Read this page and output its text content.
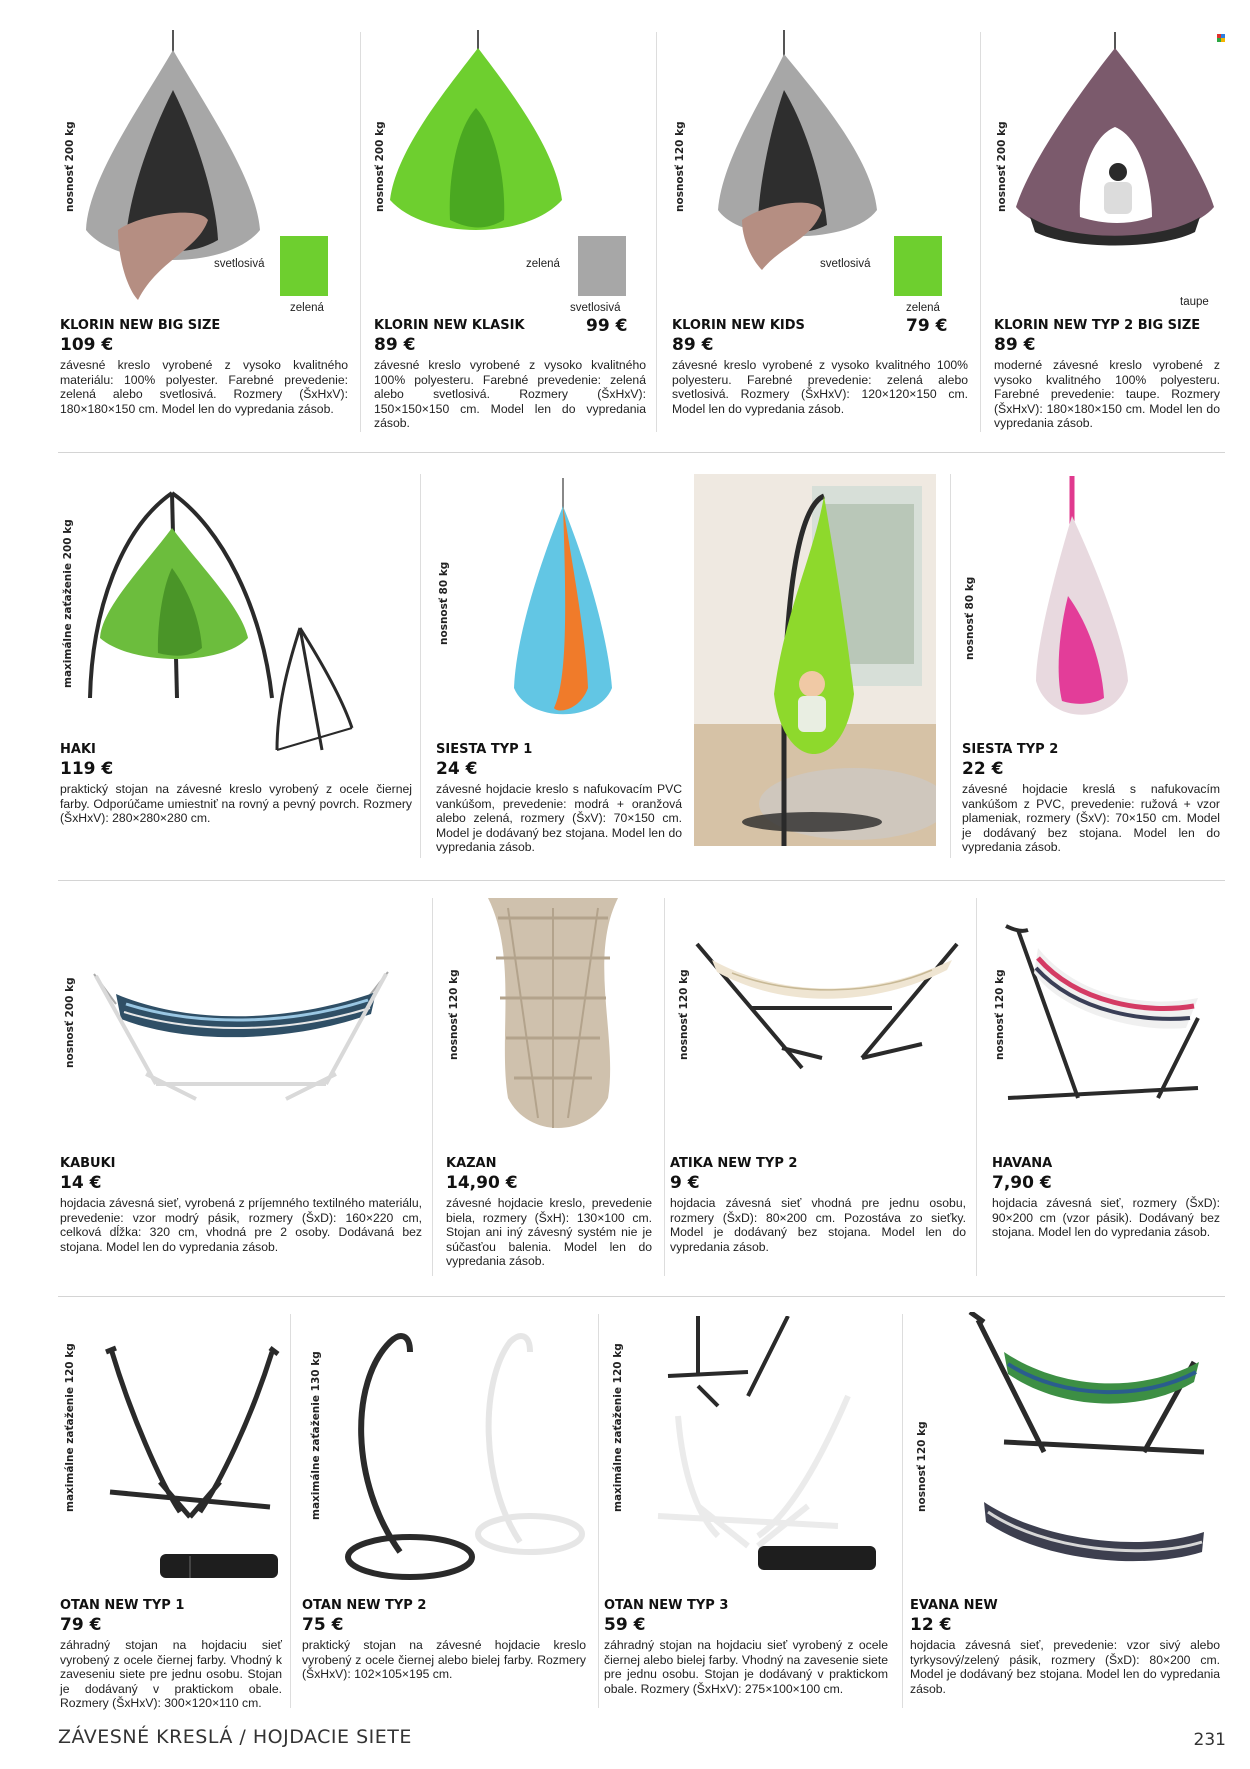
nosnosť 200 kg
svetlosivá
zelená
KLORIN NEW BIG SIZE
109 €
závesné kreslo vyrobené z vysoko kvalitného materiálu: 100% polyester. Farebné prevedenie: zelená alebo svetlosivá. Rozmery (ŠxHxV): 180×180×150 cm. Model len do vypredania zásob.
nosnosť 200 kg
zelená
svetlosivá
99 €
KLORIN NEW KLASIK
89 €
závesné kreslo vyrobené z vysoko kvalitného 100% polyesteru. Farebné prevedenie: zelená alebo svetlosivá. Rozmery (ŠxHxV): 150×150×150 cm. Model len do vypredania zásob.
nosnosť 120 kg
svetlosivá
zelená
79 €
KLORIN NEW KIDS
89 €
závesné kreslo vyrobené z vysoko kvalitného 100% polyesteru. Farebné prevedenie: zelená alebo svetlosivá. Rozmery (ŠxHxV): 120×120×150 cm. Model len do vypredania zásob.
nosnosť 200 kg
taupe
KLORIN NEW TYP 2 BIG SIZE
89 €
moderné závesné kreslo vyrobené z vysoko kvalitného 100% polyesteru. Farebné prevedenie: taupe. Rozmery (ŠxHxV): 180×180×150 cm. Model len do vypredania zásob.
maximálne zaťaženie 200 kg
HAKI
119 €
praktický stojan na závesné kreslo vyrobený z ocele čiernej farby. Odporúčame umiestniť na rovný a pevný povrch. Rozmery (ŠxHxV): 280×280×280 cm.
nosnosť 80 kg
SIESTA TYP 1
24 €
závesné hojdacie kreslo s nafukovacím PVC vankúšom, prevedenie: modrá + oranžová alebo zelená, rozmery (ŠxV): 70×150 cm. Model je dodávaný bez stojana. Model len do vypredania zásob.
nosnosť 80 kg
SIESTA TYP 2
22 €
závesné hojdacie kreslá s nafukovacím vankúšom z PVC, prevedenie: ružová + vzor plameniak, rozmery (ŠxV): 70×150 cm. Model je dodávaný bez stojana. Model len do vypredania zásob.
nosnosť 200 kg
KABUKI
14 €
hojdacia závesná sieť, vyrobená z príjemného textilného materiálu, prevedenie: vzor modrý pásik, rozmery (ŠxD): 160×220 cm, celková dĺžka: 320 cm, vhodná pre 2 osoby. Dodávaná bez stojana. Model len do vypredania zásob.
nosnosť 120 kg
KAZAN
14,90 €
závesné hojdacie kreslo, prevedenie biela, rozmery (ŠxH): 130×100 cm. Stojan ani iný závesný systém nie je súčasťou balenia. Model len do vypredania zásob.
nosnosť 120 kg
ATIKA NEW TYP 2
9 €
hojdacia závesná sieť vhodná pre jednu osobu, rozmery (ŠxD): 80×200 cm. Pozostáva zo sieťky. Model je dodávaný bez stojana. Model len do vypredania zásob.
nosnosť 120 kg
HAVANA
7,90 €
hojdacia závesná sieť, rozmery (ŠxD): 90×200 cm (vzor pásik). Dodávaný bez stojana. Model len do vypredania zásob.
maximálne zaťaženie 120 kg
OTAN NEW TYP 1
79 €
záhradný stojan na hojdaciu sieť vyrobený z ocele čiernej farby. Vhodný k zaveseniu siete pre jednu osobu. Stojan je dodávaný v praktickom obale. Rozmery (ŠxHxV): 300×120×110 cm.
maximálne zaťaženie 130 kg
OTAN NEW TYP 2
75 €
praktický stojan na závesné hojdacie kreslo vyrobený z ocele čiernej alebo bielej farby. Rozmery (ŠxHxV): 102×105×195 cm.
maximálne zaťaženie 120 kg
OTAN NEW TYP 3
59 €
záhradný stojan na hojdaciu sieť vyrobený z ocele čiernej alebo bielej farby. Vhodný na zavesenie siete pre jednu osobu. Stojan je dodávaný v praktickom obale. Rozmery (ŠxHxV): 275×100×100 cm.
nosnosť 120 kg
EVANA NEW
12 €
hojdacia závesná sieť, prevedenie: vzor sivý alebo tyrkysový/zelený pásik, rozmery (ŠxD): 80×200 cm. Model je dodávaný bez stojana. Model len do vypredania zásob.
ZÁVESNÉ KRESLÁ / HOJDACIE SIETE	231
